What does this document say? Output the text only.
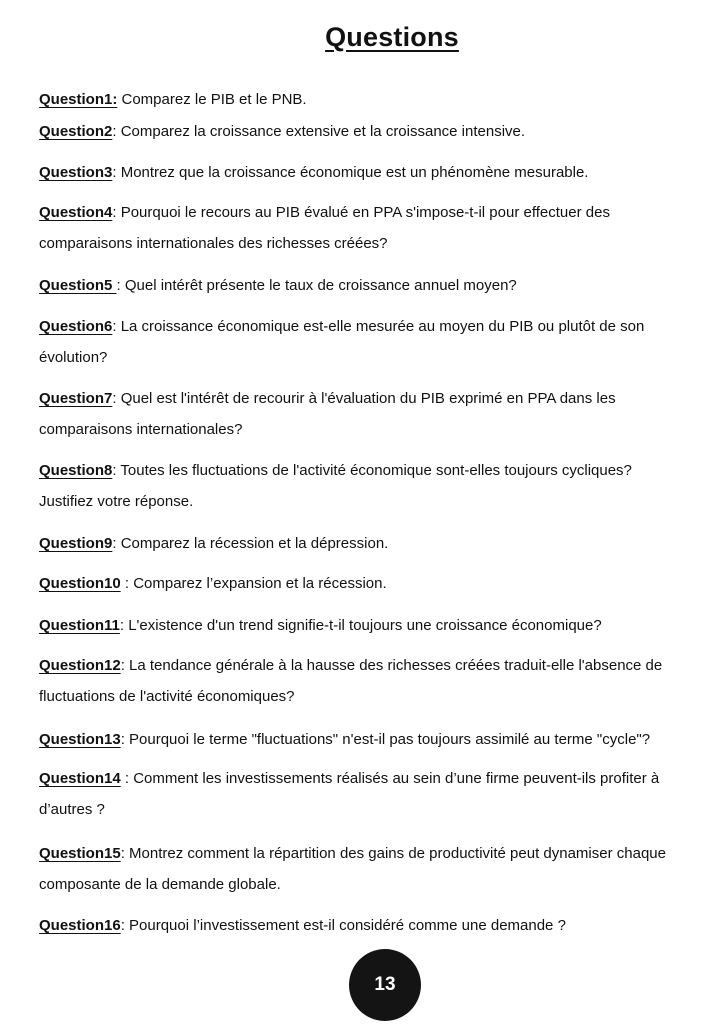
Questions
Question1: Comparez le PIB et le PNB.
Question2: Comparez la croissance extensive et la croissance intensive.
Question3: Montrez que la croissance économique est un phénomène mesurable.
Question4: Pourquoi le recours au PIB évalué en PPA s'impose-t-il pour effectuer des
comparaisons internationales des richesses créées?
Question5 : Quel intérêt présente le taux de croissance annuel moyen?
Question6: La croissance économique est-elle mesurée au moyen du PIB ou plutôt de son
évolution?
Question7: Quel est l'intérêt de recourir à l'évaluation du PIB exprimé en PPA dans les
comparaisons internationales?
Question8: Toutes les fluctuations de l'activité économique sont-elles toujours cycliques?
Justifiez votre réponse.
Question9: Comparez la récession et la dépression.
Question10 : Comparez l’expansion et la récession.
Question11: L'existence d'un trend signifie-t-il toujours une croissance économique?
Question12: La tendance générale à la hausse des richesses créées traduit-elle l'absence de
fluctuations de l'activité économiques?
Question13: Pourquoi le terme "fluctuations" n'est-il pas toujours assimilé au terme "cycle"?
Question14 : Comment les investissements réalisés au sein d’une firme peuvent-ils profiter à
d’autres ?
Question15: Montrez comment la répartition des gains de productivité peut dynamiser chaque
composante de la demande globale.
Question16: Pourquoi l’investissement est-il considéré comme une demande ?
13
